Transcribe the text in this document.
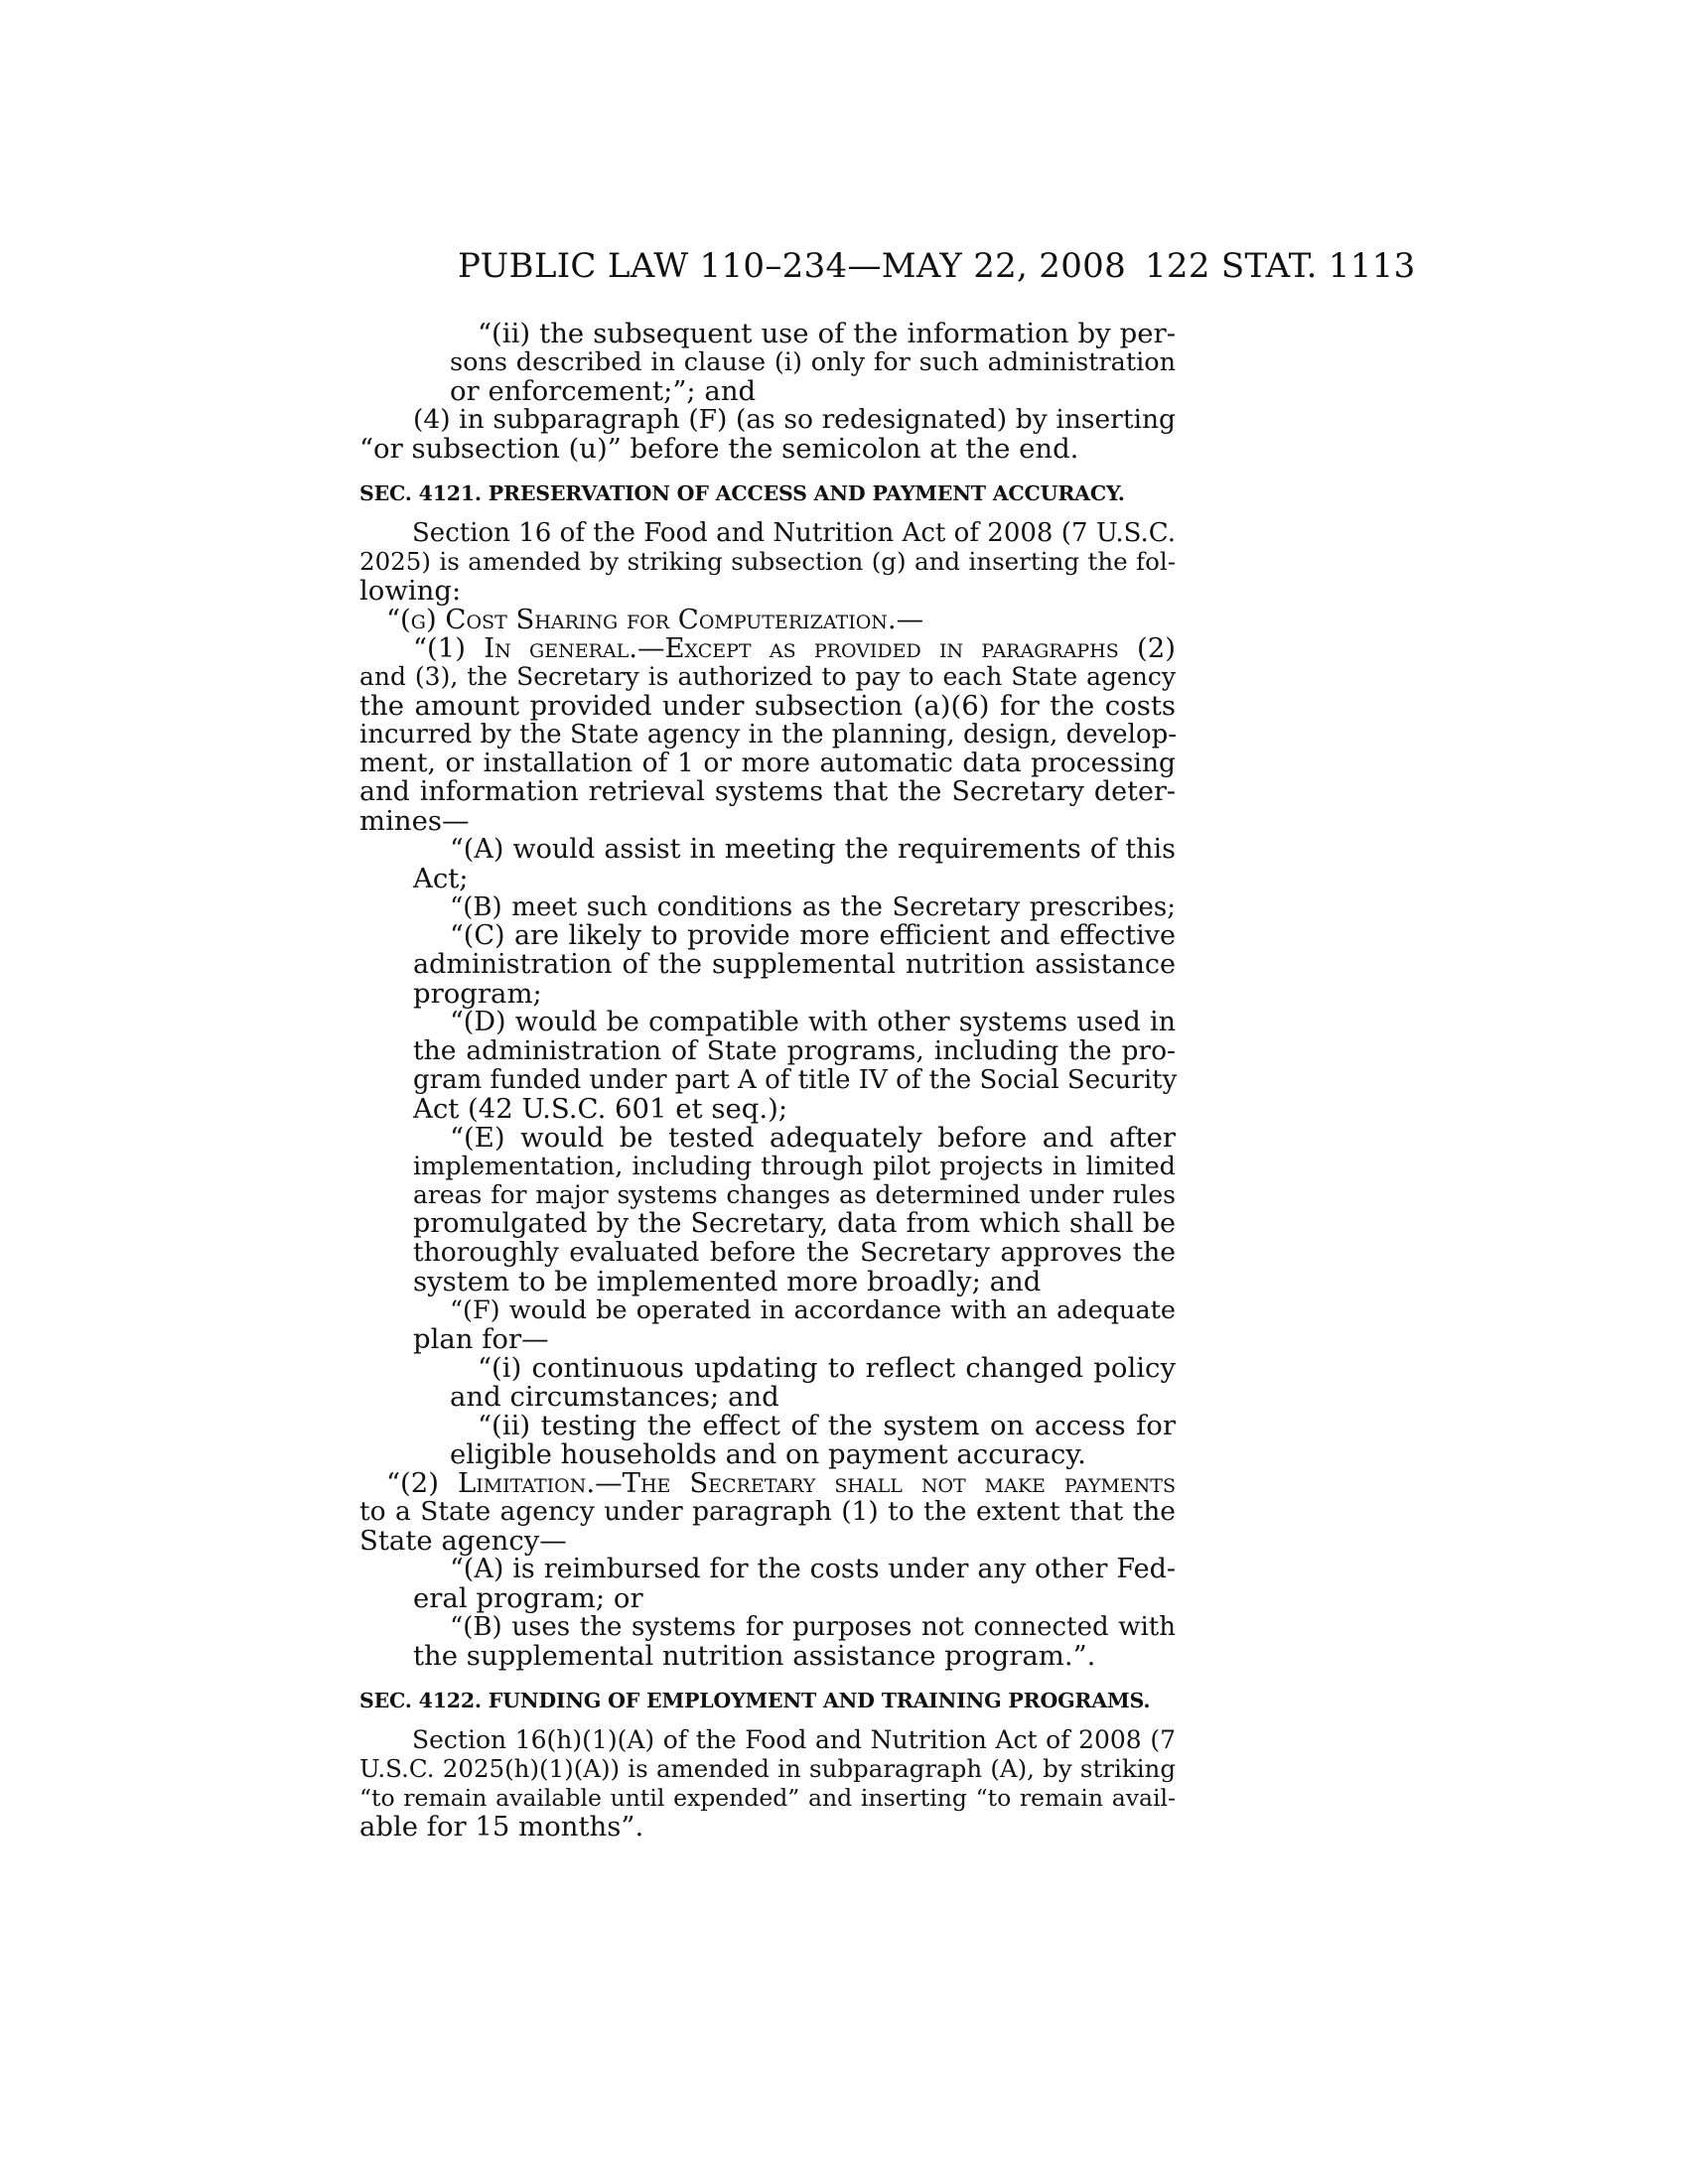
PUBLIC LAW 110–234—MAY 22, 2008 122 STAT. 1113
“(ii) the subsequent use of the information by per-
sons described in clause (i) only for such administration
or enforcement;”; and
(4) in subparagraph (F) (as so redesignated) by inserting
“or subsection (u)” before the semicolon at the end.
SEC. 4121. PRESERVATION OF ACCESS AND PAYMENT ACCURACY.
Section 16 of the Food and Nutrition Act of 2008 (7 U.S.C.
2025) is amended by striking subsection (g) and inserting the fol-
lowing:
“(g) Cost Sharing for Computerization.—
“(1) In general.—Except as provided in paragraphs (2)
and (3), the Secretary is authorized to pay to each State agency
the amount provided under subsection (a)(6) for the costs
incurred by the State agency in the planning, design, develop-
ment, or installation of 1 or more automatic data processing
and information retrieval systems that the Secretary deter-
mines—
“(A) would assist in meeting the requirements of this
Act;
“(B) meet such conditions as the Secretary prescribes;
“(C) are likely to provide more efficient and effective
administration of the supplemental nutrition assistance
program;
“(D) would be compatible with other systems used in
the administration of State programs, including the pro-
gram funded under part A of title IV of the Social Security
Act (42 U.S.C. 601 et seq.);
“(E) would be tested adequately before and after
implementation, including through pilot projects in limited
areas for major systems changes as determined under rules
promulgated by the Secretary, data from which shall be
thoroughly evaluated before the Secretary approves the
system to be implemented more broadly; and
“(F) would be operated in accordance with an adequate
plan for—
“(i) continuous updating to reflect changed policy
and circumstances; and
“(ii) testing the effect of the system on access for
eligible households and on payment accuracy.
“(2) Limitation.—The Secretary shall not make payments
to a State agency under paragraph (1) to the extent that the
State agency—
“(A) is reimbursed for the costs under any other Fed-
eral program; or
“(B) uses the systems for purposes not connected with
the supplemental nutrition assistance program.”.
SEC. 4122. FUNDING OF EMPLOYMENT AND TRAINING PROGRAMS.
Section 16(h)(1)(A) of the Food and Nutrition Act of 2008 (7
U.S.C. 2025(h)(1)(A)) is amended in subparagraph (A), by striking
“to remain available until expended” and inserting “to remain avail-
able for 15 months”.
